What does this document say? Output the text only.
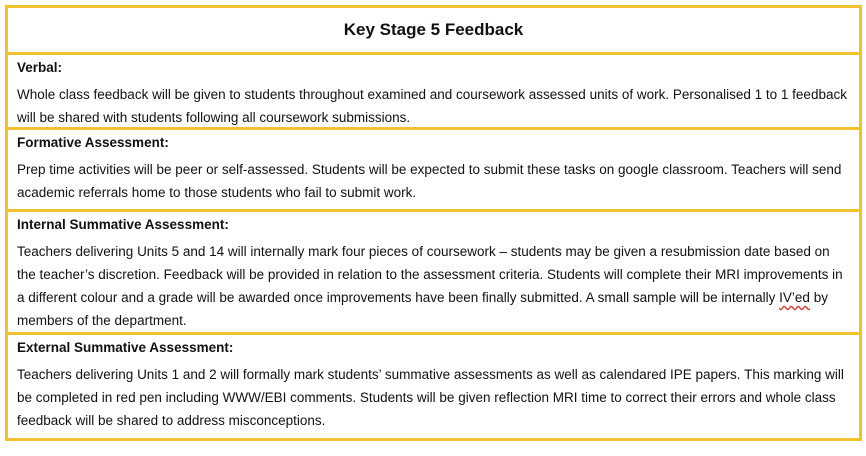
Key Stage 5 Feedback
Verbal:
Whole class feedback will be given to students throughout examined and coursework assessed units of work. Personalised 1 to 1 feedback will be shared with students following all coursework submissions.
Formative Assessment:
Prep time activities will be peer or self-assessed. Students will be expected to submit these tasks on google classroom. Teachers will send academic referrals home to those students who fail to submit work.
Internal Summative Assessment:
Teachers delivering Units 5 and 14 will internally mark four pieces of coursework – students may be given a resubmission date based on the teacher’s discretion. Feedback will be provided in relation to the assessment criteria. Students will complete their MRI improvements in a different colour and a grade will be awarded once improvements have been finally submitted. A small sample will be internally IV’ed by members of the department.
External Summative Assessment:
Teachers delivering Units 1 and 2 will formally mark students’ summative assessments as well as calendared IPE papers. This marking will be completed in red pen including WWW/EBI comments. Students will be given reflection MRI time to correct their errors and whole class feedback will be shared to address misconceptions.
